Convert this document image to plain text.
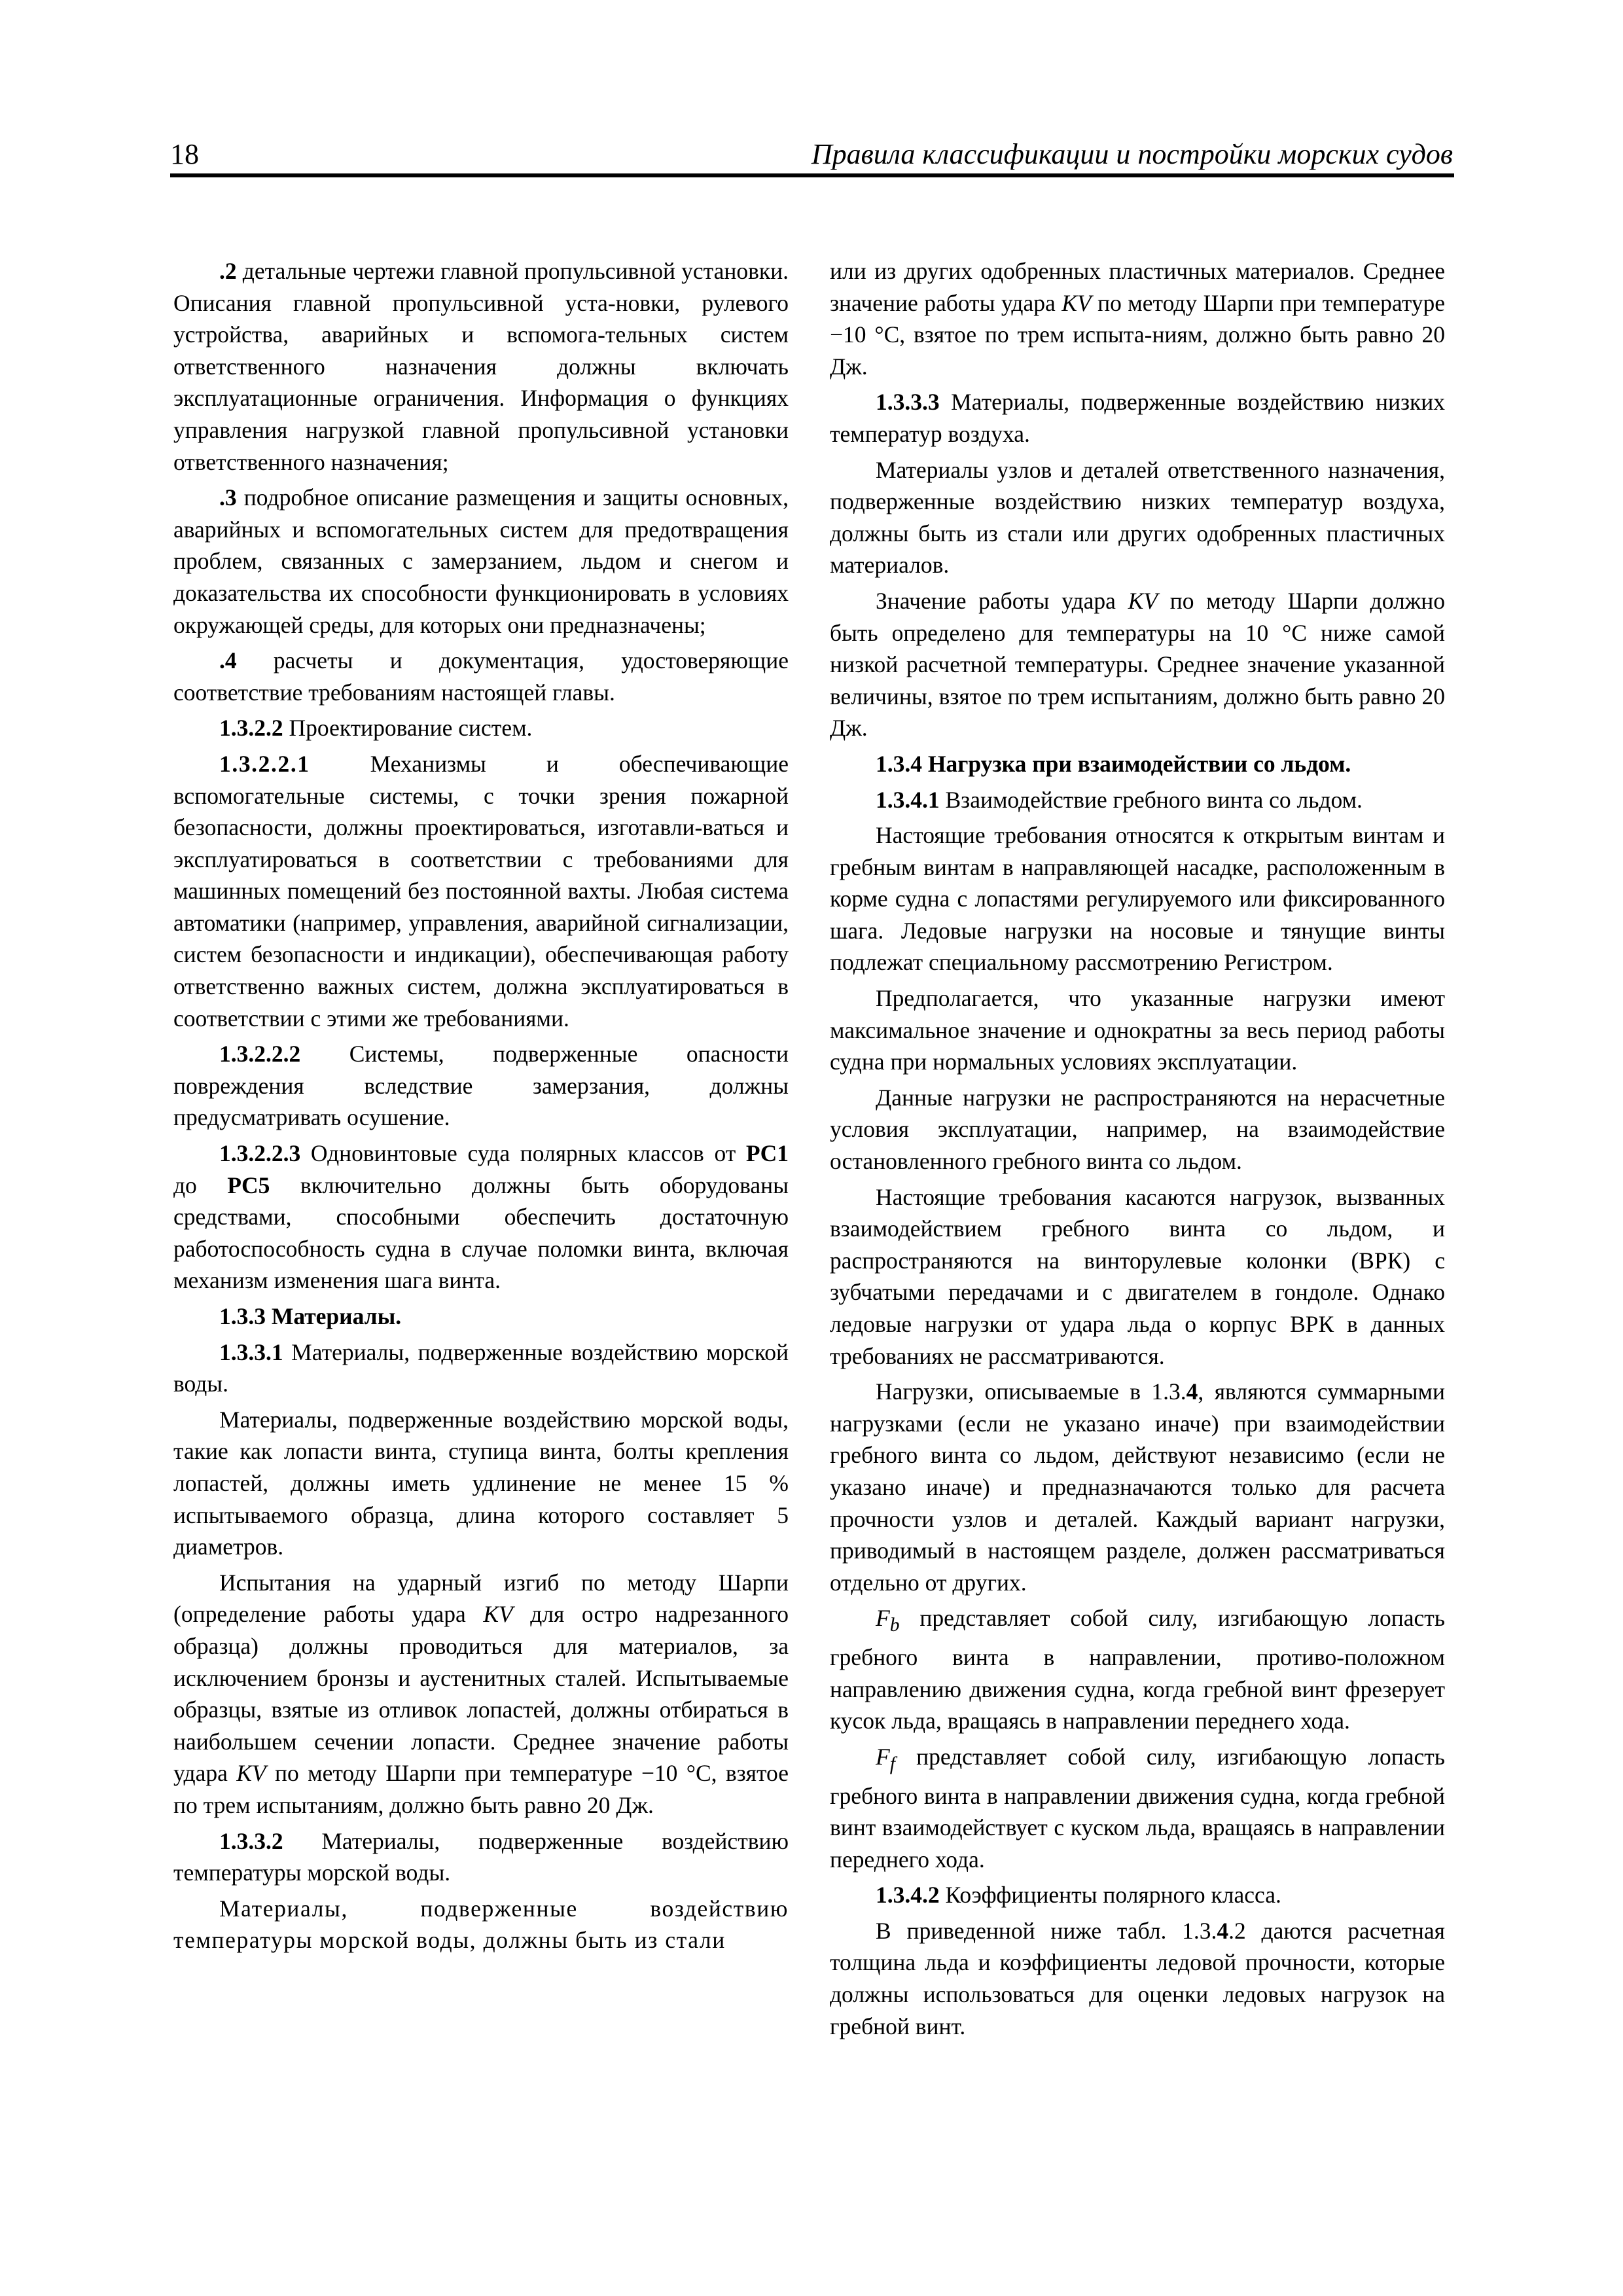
18	Правила классификации и постройки морских судов

.2 детальные чертежи главной пропульсивной установки. Описания главной пропульсивной уста-новки, рулевого устройства, аварийных и вспомога-тельных систем ответственного назначения должны включать эксплуатационные ограничения. Информация о функциях управления нагрузкой главной пропульсивной установки ответственного назначения;

.3 подробное описание размещения и защиты основных, аварийных и вспомогательных систем для предотвращения проблем, связанных с замерзанием, льдом и снегом и доказательства их способности функционировать в условиях окружающей среды, для которых они предназначены;

.4 расчеты и документация, удостоверяющие соответствие требованиям настоящей главы.

1.3.2.2 Проектирование систем.

1.3.2.2.1 Механизмы и обеспечивающие вспомогательные системы, с точки зрения пожарной безопасности, должны проектироваться, изготавли-ваться и эксплуатироваться в соответствии с требованиями для машинных помещений без постоянной вахты. Любая система автоматики (например, управления, аварийной сигнализации, систем безопасности и индикации), обеспечивающая работу ответственно важных систем, должна эксплуатироваться в соответствии с этими же требованиями.

1.3.2.2.2 Системы, подверженные опасности повреждения вследствие замерзания, должны предусматривать осушение.

1.3.2.2.3 Одновинтовые суда полярных классов от PC1 до PC5 включительно должны быть оборудованы средствами, способными обеспечить достаточную работоспособность судна в случае поломки винта, включая механизм изменения шага винта.

1.3.3 Материалы.

1.3.3.1 Материалы, подверженные воздействию морской воды.

Материалы, подверженные воздействию морской воды, такие как лопасти винта, ступица винта, болты крепления лопастей, должны иметь удлинение не менее 15 % испытываемого образца, длина которого составляет 5 диаметров.

Испытания на ударный изгиб по методу Шарпи (определение работы удара KV для остро надрезанного образца) должны проводиться для материалов, за исключением бронзы и аустенитных сталей. Испытываемые образцы, взятые из отливок лопастей, должны отбираться в наибольшем сечении лопасти. Среднее значение работы удара KV по методу Шарпи при температуре −10 °C, взятое по трем испытаниям, должно быть равно 20 Дж.

1.3.3.2 Материалы, подверженные воздействию температуры морской воды.

Материалы, подверженные воздействию температуры морской воды, должны быть из стали

или из других одобренных пластичных материалов. Среднее значение работы удара KV по методу Шарпи при температуре −10 °C, взятое по трем испыта-ниям, должно быть равно 20 Дж.

1.3.3.3 Материалы, подверженные воздействию низких температур воздуха.

Материалы узлов и деталей ответственного назначения, подверженные воздействию низких температур воздуха, должны быть из стали или других одобренных пластичных материалов.

Значение работы удара KV по методу Шарпи должно быть определено для температуры на 10 °C ниже самой низкой расчетной температуры. Среднее значение указанной величины, взятое по трем испытаниям, должно быть равно 20 Дж.

1.3.4 Нагрузка при взаимодействии со льдом.

1.3.4.1 Взаимодействие гребного винта со льдом.

Настоящие требования относятся к открытым винтам и гребным винтам в направляющей насадке, расположенным в корме судна с лопастями регулируемого или фиксированного шага. Ледовые нагрузки на носовые и тянущие винты подлежат специальному рассмотрению Регистром.

Предполагается, что указанные нагрузки имеют максимальное значение и однократны за весь период работы судна при нормальных условиях эксплуатации.

Данные нагрузки не распространяются на нерасчетные условия эксплуатации, например, на взаимодействие остановленного гребного винта со льдом.

Настоящие требования касаются нагрузок, вызванных взаимодействием гребного винта со льдом, и распространяются на винторулевые колонки (ВРК) с зубчатыми передачами и с двигателем в гондоле. Однако ледовые нагрузки от удара льда о корпус ВРК в данных требованиях не рассматриваются.

Нагрузки, описываемые в 1.3.4, являются суммарными нагрузками (если не указано иначе) при взаимодействии гребного винта со льдом, действуют независимо (если не указано иначе) и предназначаются только для расчета прочности узлов и деталей. Каждый вариант нагрузки, приводимый в настоящем разделе, должен рассматриваться отдельно от других.

$F_b$ представляет собой силу, изгибающую лопасть гребного винта в направлении, противо-положном направлению движения судна, когда гребной винт фрезерует кусок льда, вращаясь в направлении переднего хода.

$F_f$ представляет собой силу, изгибающую лопасть гребного винта в направлении движения судна, когда гребной винт взаимодействует с куском льда, вращаясь в направлении переднего хода.

1.3.4.2 Коэффициенты полярного класса.

В приведенной ниже табл. 1.3.4.2 даются расчетная толщина льда и коэффициенты ледовой прочности, которые должны использоваться для оценки ледовых нагрузок на гребной винт.
